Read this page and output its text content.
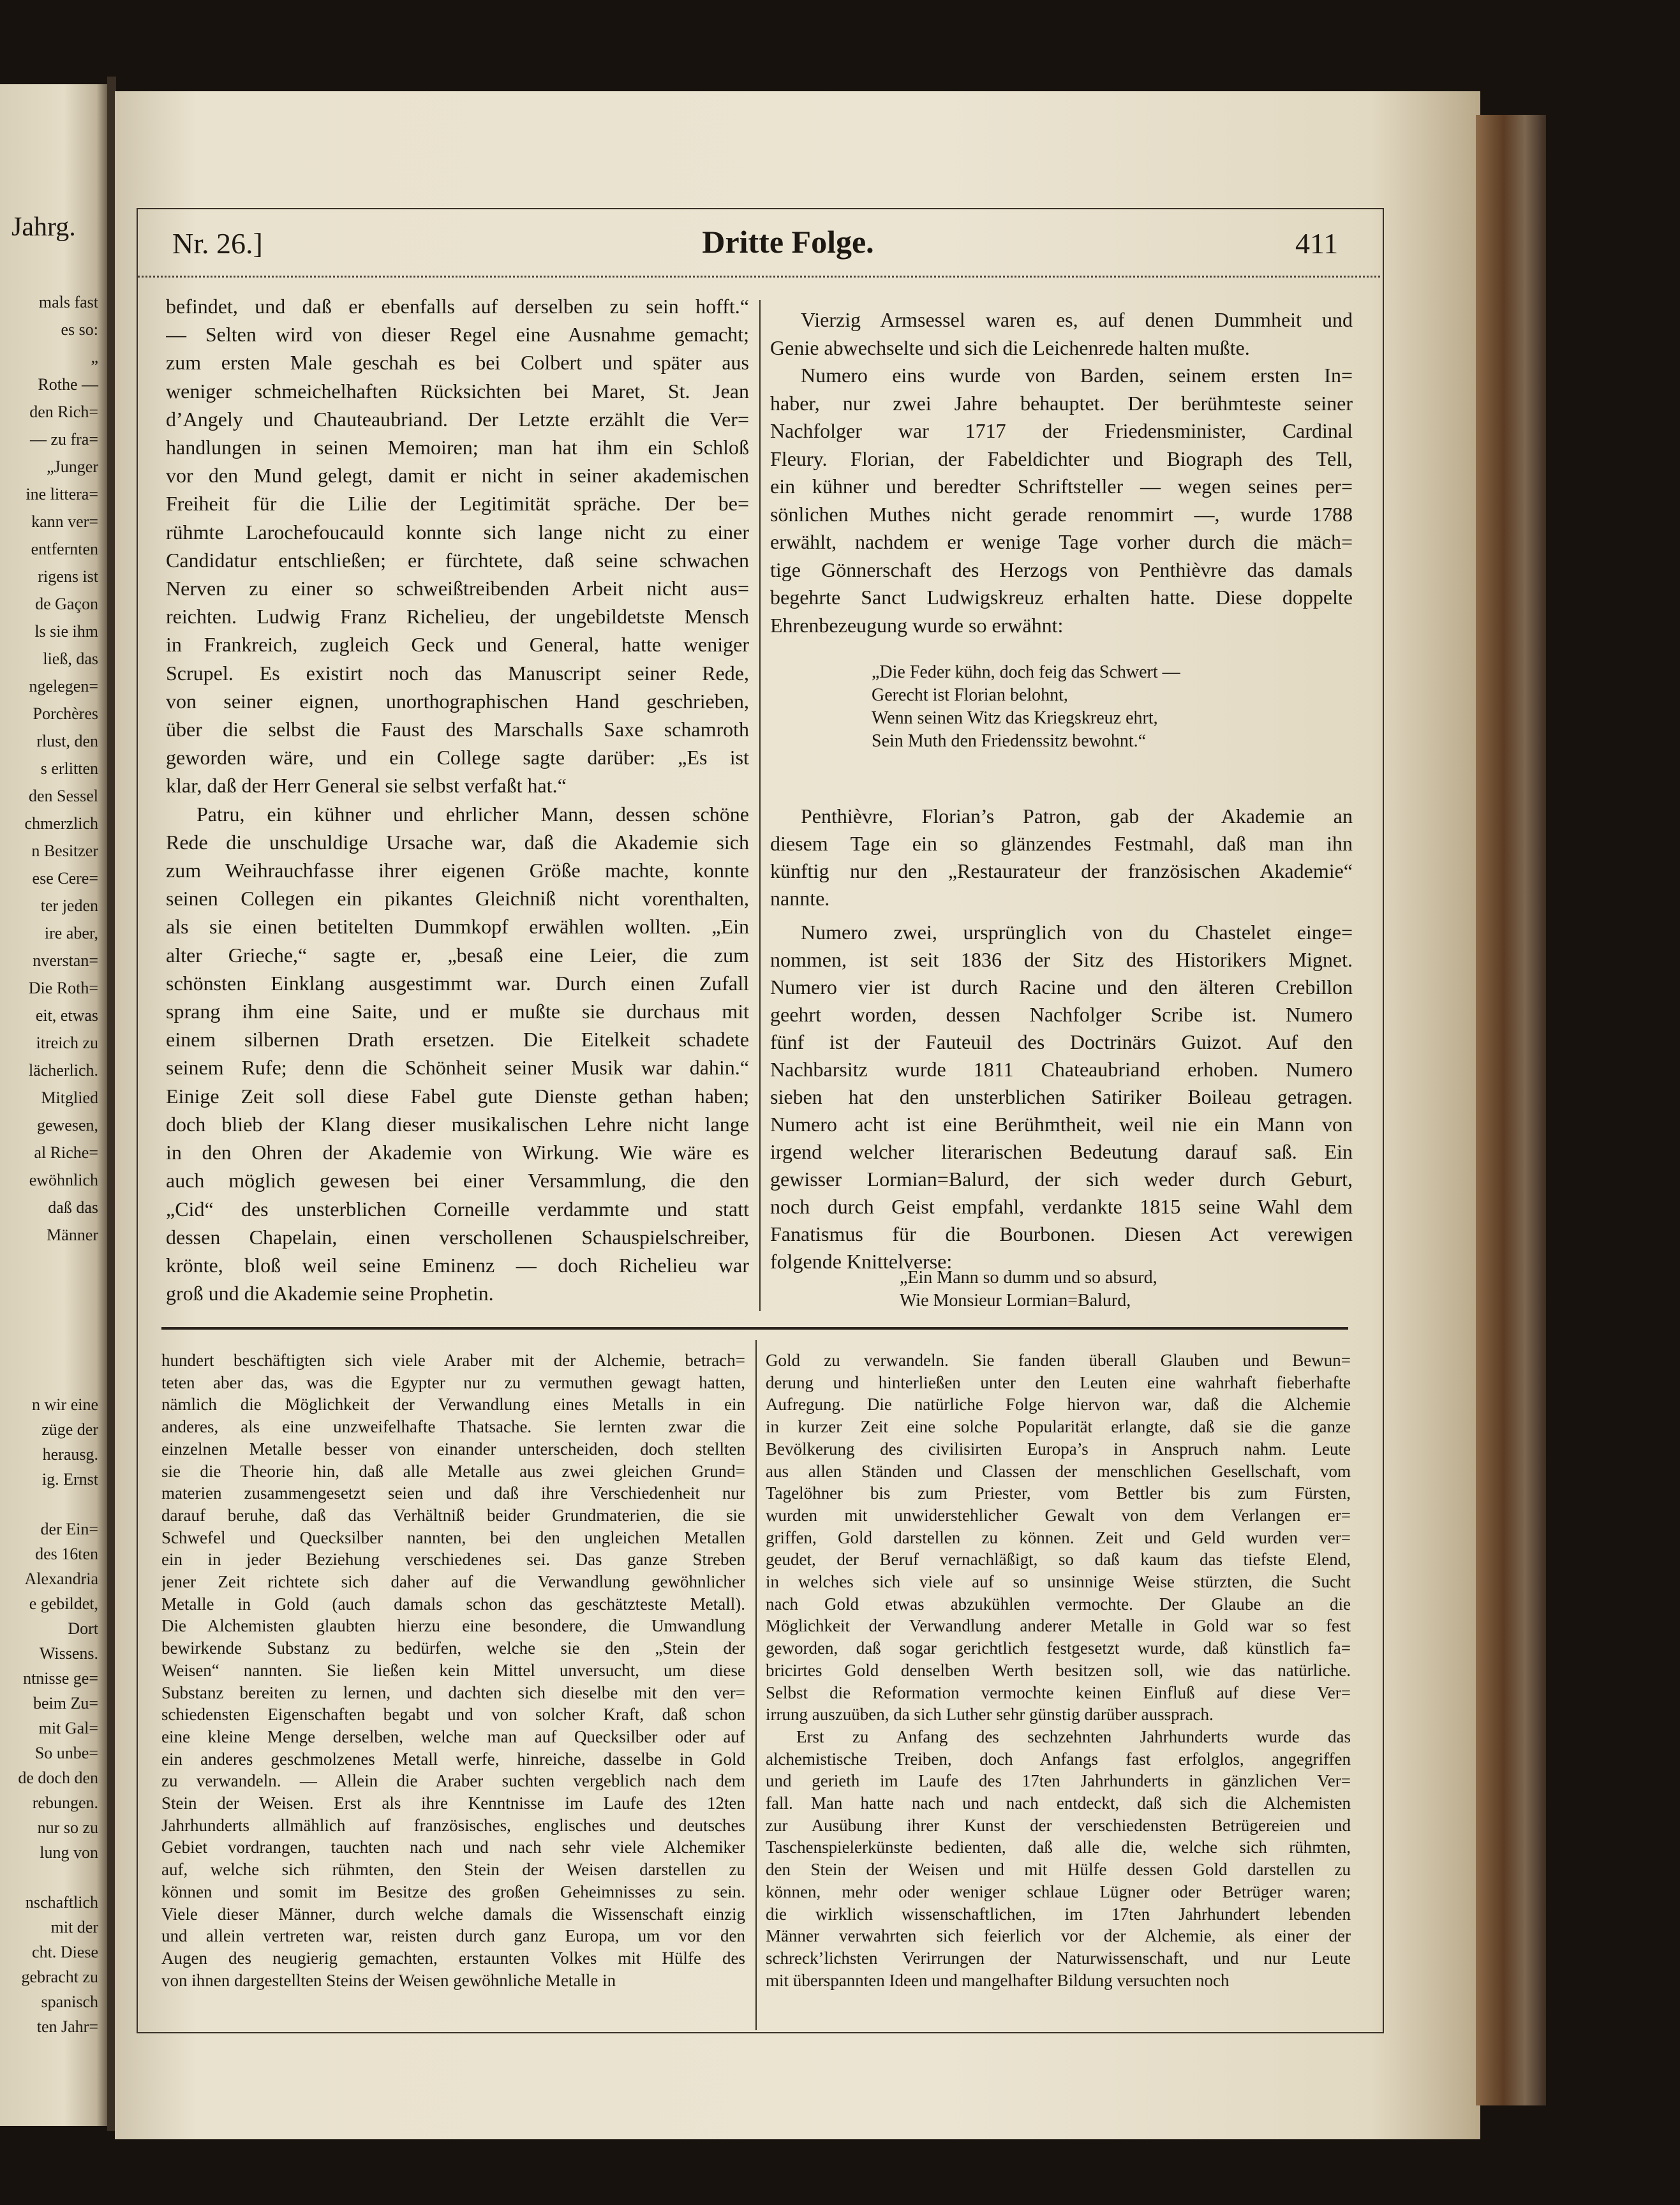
Jahrg.
mals fast
es so:
„
Rothe —
den Rich=
— zu fra=
„Junger
ine littera=
kann ver=
entfernten
rigens ist
de Gaçon
ls sie ihm
ließ, das
ngelegen=
Porchères
rlust, den
s erlitten
den Sessel
chmerzlich
n Besitzer
ese Cere=
ter jeden
ire aber,
nverstan=
Die Roth=
eit, etwas
itreich zu
lächerlich.
Mitglied
gewesen,
al Riche=
ewöhnlich
daß das
Männer
n wir eine
züge der
herausg.
ig. Ernst

der Ein=
des 16ten
Alexandria
e gebildet,
Dort
Wissens.
ntnisse ge=
beim Zu=
mit Gal=
So unbe=
de doch den
rebungen.
nur so zu
lung von

nschaftlich
mit der
cht. Diese
gebracht zu
spanisch
ten Jahr=
Nr. 26.]	Dritte Folge.	411
befindet, und daß er ebenfalls auf derselben zu sein hofft.“
— Selten wird von dieser Regel eine Ausnahme gemacht;
zum ersten Male geschah es bei Colbert und später aus
weniger schmeichelhaften Rücksichten bei Maret, St. Jean
d’Angely und Chauteaubriand. Der Letzte erzählt die Ver=
handlungen in seinen Memoiren; man hat ihm ein Schloß
vor den Mund gelegt, damit er nicht in seiner akademischen
Freiheit für die Lilie der Legitimität spräche. Der be=
rühmte Larochefoucauld konnte sich lange nicht zu einer
Candidatur entschließen; er fürchtete, daß seine schwachen
Nerven zu einer so schweißtreibenden Arbeit nicht aus=
reichten. Ludwig Franz Richelieu, der ungebildetste Mensch
in Frankreich, zugleich Geck und General, hatte weniger
Scrupel. Es existirt noch das Manuscript seiner Rede,
von seiner eignen, unorthographischen Hand geschrieben,
über die selbst die Faust des Marschalls Saxe schamroth
geworden wäre, und ein College sagte darüber: „Es ist
klar, daß der Herr General sie selbst verfaßt hat.“
Patru, ein kühner und ehrlicher Mann, dessen schöne
Rede die unschuldige Ursache war, daß die Akademie sich
zum Weihrauchfasse ihrer eigenen Größe machte, konnte
seinen Collegen ein pikantes Gleichniß nicht vorenthalten,
als sie einen betitelten Dummkopf erwählen wollten. „Ein
alter Grieche,“ sagte er, „besaß eine Leier, die zum
schönsten Einklang ausgestimmt war. Durch einen Zufall
sprang ihm eine Saite, und er mußte sie durchaus mit
einem silbernen Drath ersetzen. Die Eitelkeit schadete
seinem Rufe; denn die Schönheit seiner Musik war dahin.“
Einige Zeit soll diese Fabel gute Dienste gethan haben;
doch blieb der Klang dieser musikalischen Lehre nicht lange
in den Ohren der Akademie von Wirkung. Wie wäre es
auch möglich gewesen bei einer Versammlung, die den
„Cid“ des unsterblichen Corneille verdammte und statt
dessen Chapelain, einen verschollenen Schauspielschreiber,
krönte, bloß weil seine Eminenz — doch Richelieu war
groß und die Akademie seine Prophetin.
Vierzig Armsessel waren es, auf denen Dummheit und
Genie abwechselte und sich die Leichenrede halten mußte.
Numero eins wurde von Barden, seinem ersten In=
haber, nur zwei Jahre behauptet. Der berühmteste seiner
Nachfolger war 1717 der Friedensminister, Cardinal
Fleury. Florian, der Fabeldichter und Biograph des Tell,
ein kühner und beredter Schriftsteller — wegen seines per=
sönlichen Muthes nicht gerade renommirt —, wurde 1788
erwählt, nachdem er wenige Tage vorher durch die mäch=
tige Gönnerschaft des Herzogs von Penthièvre das damals
begehrte Sanct Ludwigskreuz erhalten hatte. Diese doppelte
Ehrenbezeugung wurde so erwähnt:
„Die Feder kühn, doch feig das Schwert —
Gerecht ist Florian belohnt,
Wenn seinen Witz das Kriegskreuz ehrt,
Sein Muth den Friedenssitz bewohnt.“
Penthièvre, Florian’s Patron, gab der Akademie an
diesem Tage ein so glänzendes Festmahl, daß man ihn
künftig nur den „Restaurateur der französischen Akademie“
nannte.
Numero zwei, ursprünglich von du Chastelet einge=
nommen, ist seit 1836 der Sitz des Historikers Mignet.
Numero vier ist durch Racine und den älteren Crebillon
geehrt worden, dessen Nachfolger Scribe ist. Numero
fünf ist der Fauteuil des Doctrinärs Guizot. Auf den
Nachbarsitz wurde 1811 Chateaubriand erhoben. Numero
sieben hat den unsterblichen Satiriker Boileau getragen.
Numero acht ist eine Berühmtheit, weil nie ein Mann von
irgend welcher literarischen Bedeutung darauf saß. Ein
gewisser Lormian=Balurd, der sich weder durch Geburt,
noch durch Geist empfahl, verdankte 1815 seine Wahl dem
Fanatismus für die Bourbonen. Diesen Act verewigen
folgende Knittelverse:
„Ein Mann so dumm und so absurd,
Wie Monsieur Lormian=Balurd,
hundert beschäftigten sich viele Araber mit der Alchemie, betrach=
teten aber das, was die Egypter nur zu vermuthen gewagt hatten,
nämlich die Möglichkeit der Verwandlung eines Metalls in ein
anderes, als eine unzweifelhafte Thatsache. Sie lernten zwar die
einzelnen Metalle besser von einander unterscheiden, doch stellten
sie die Theorie hin, daß alle Metalle aus zwei gleichen Grund=
materien zusammengesetzt seien und daß ihre Verschiedenheit nur
darauf beruhe, daß das Verhältniß beider Grundmaterien, die sie
Schwefel und Quecksilber nannten, bei den ungleichen Metallen
ein in jeder Beziehung verschiedenes sei. Das ganze Streben
jener Zeit richtete sich daher auf die Verwandlung gewöhnlicher
Metalle in Gold (auch damals schon das geschätzteste Metall).
Die Alchemisten glaubten hierzu eine besondere, die Umwandlung
bewirkende Substanz zu bedürfen, welche sie den „Stein der
Weisen“ nannten. Sie ließen kein Mittel unversucht, um diese
Substanz bereiten zu lernen, und dachten sich dieselbe mit den ver=
schiedensten Eigenschaften begabt und von solcher Kraft, daß schon
eine kleine Menge derselben, welche man auf Quecksilber oder auf
ein anderes geschmolzenes Metall werfe, hinreiche, dasselbe in Gold
zu verwandeln. — Allein die Araber suchten vergeblich nach dem
Stein der Weisen. Erst als ihre Kenntnisse im Laufe des 12ten
Jahrhunderts allmählich auf französisches, englisches und deutsches
Gebiet vordrangen, tauchten nach und nach sehr viele Alchemiker
auf, welche sich rühmten, den Stein der Weisen darstellen zu
können und somit im Besitze des großen Geheimnisses zu sein.
Viele dieser Männer, durch welche damals die Wissenschaft einzig
und allein vertreten war, reisten durch ganz Europa, um vor den
Augen des neugierig gemachten, erstaunten Volkes mit Hülfe des
von ihnen dargestellten Steins der Weisen gewöhnliche Metalle in
Gold zu verwandeln. Sie fanden überall Glauben und Bewun=
derung und hinterließen unter den Leuten eine wahrhaft fieberhafte
Aufregung. Die natürliche Folge hiervon war, daß die Alchemie
in kurzer Zeit eine solche Popularität erlangte, daß sie die ganze
Bevölkerung des civilisirten Europa’s in Anspruch nahm. Leute
aus allen Ständen und Classen der menschlichen Gesellschaft, vom
Tagelöhner bis zum Priester, vom Bettler bis zum Fürsten,
wurden mit unwiderstehlicher Gewalt von dem Verlangen er=
griffen, Gold darstellen zu können. Zeit und Geld wurden ver=
geudet, der Beruf vernachläßigt, so daß kaum das tiefste Elend,
in welches sich viele auf so unsinnige Weise stürzten, die Sucht
nach Gold etwas abzukühlen vermochte. Der Glaube an die
Möglichkeit der Verwandlung anderer Metalle in Gold war so fest
geworden, daß sogar gerichtlich festgesetzt wurde, daß künstlich fa=
bricirtes Gold denselben Werth besitzen soll, wie das natürliche.
Selbst die Reformation vermochte keinen Einfluß auf diese Ver=
irrung auszuüben, da sich Luther sehr günstig darüber aussprach.
Erst zu Anfang des sechzehnten Jahrhunderts wurde das
alchemistische Treiben, doch Anfangs fast erfolglos, angegriffen
und gerieth im Laufe des 17ten Jahrhunderts in gänzlichen Ver=
fall. Man hatte nach und nach entdeckt, daß sich die Alchemisten
zur Ausübung ihrer Kunst der verschiedensten Betrügereien und
Taschenspielerkünste bedienten, daß alle die, welche sich rühmten,
den Stein der Weisen und mit Hülfe dessen Gold darstellen zu
können, mehr oder weniger schlaue Lügner oder Betrüger waren;
die wirklich wissenschaftlichen, im 17ten Jahrhundert lebenden
Männer verwahrten sich feierlich vor der Alchemie, als einer der
schreck’lichsten Verirrungen der Naturwissenschaft, und nur Leute
mit überspannten Ideen und mangelhafter Bildung versuchten noch
